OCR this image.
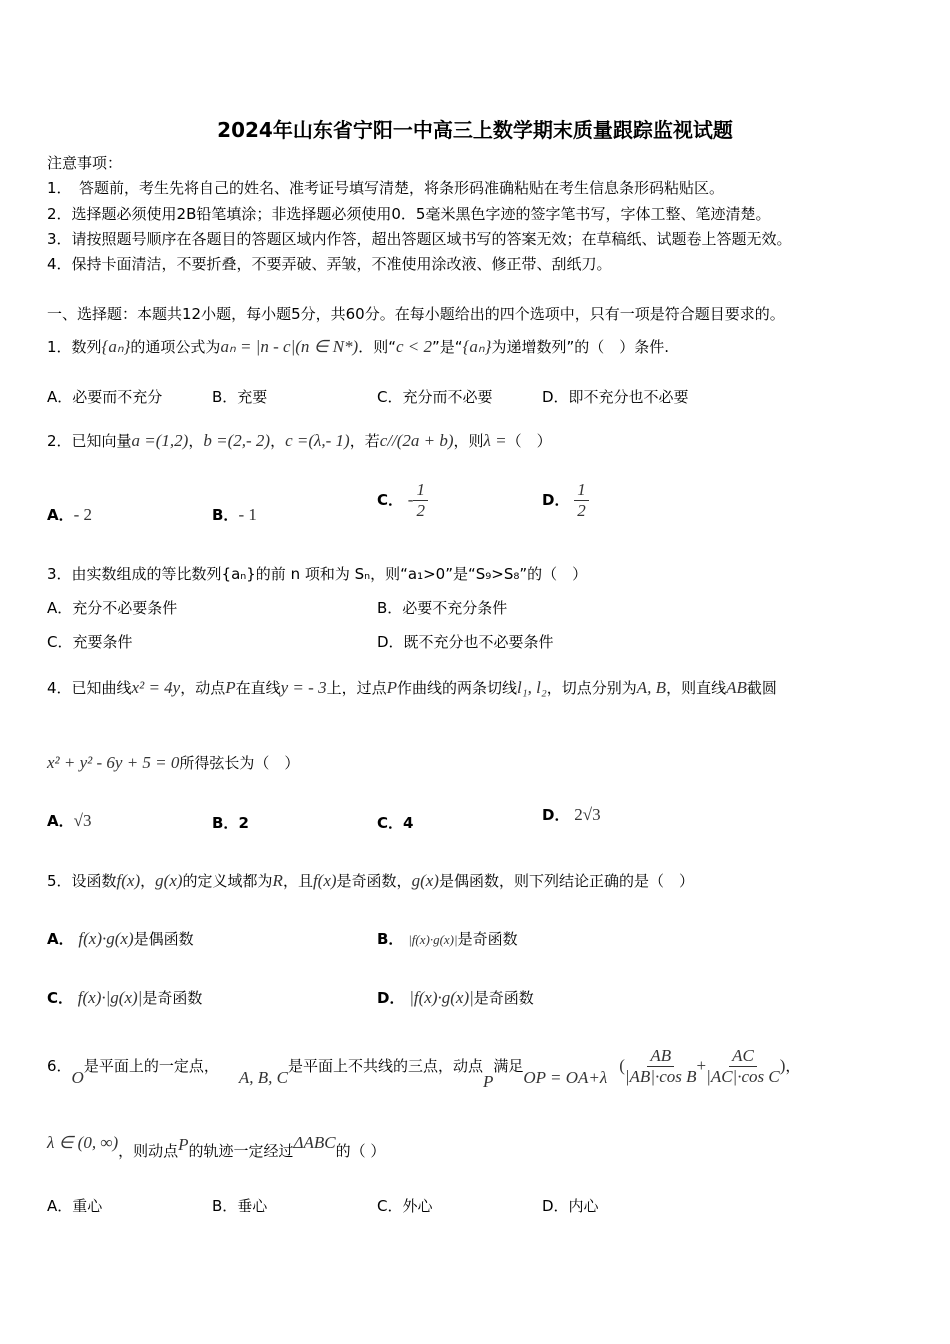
2024年山东省宁阳一中高三上数学期末质量跟踪监视试题
注意事项：
1．　答题前，考生先将自己的姓名、准考证号填写清楚，将条形码准确粘贴在考生信息条形码粘贴区。
2．选择题必须使用2B铅笔填涂；非选择题必须使用0．5毫米黑色字迹的签字笔书写，字体工整、笔迹清楚。
3．请按照题号顺序在各题目的答题区域内作答，超出答题区域书写的答案无效；在草稿纸、试题卷上答题无效。
4．保持卡面清洁，不要折叠，不要弄破、弄皱，不准使用涂改液、修正带、刮纸刀。
一、选择题：本题共12小题，每小题5分，共60分。在每小题给出的四个选项中，只有一项是符合题目要求的。
1．数列{aₙ}的通项公式为aₙ = |n - c|(n ∈ N*)．则“c < 2”是“{aₙ}为递增数列”的（　）条件.
A．必要而不充分	B．充要	C．充分而不必要	D．即不充分也不必要
2．已知向量a =(1,2)，b =(2,- 2)，c =(λ,- 1)，若c//(2a + b)，则λ =（　）
A．- 2	B．- 1
C． - $\frac{1}{2}$	D． $\frac{1}{2}$
3．由实数组成的等比数列{aₙ}的前 n 项和为 Sₙ，则“a₁>0”是“S₉>S₈”的（　）
A．充分不必要条件	B．必要不充分条件
C．充要条件	D．既不充分也不必要条件
4．已知曲线x² = 4y，动点P在直线y = - 3上，过点P作曲线的两条切线l₁, l₂，切点分别为A, B，则直线AB截圆
x² + y² - 6y + 5 = 0所得弦长为（　）
A．√3	B．2	C．4	D． 2√3
5．设函数f(x)，g(x)的定义域都为R，且f(x)是奇函数，g(x)是偶函数，则下列结论正确的是（　）
A． f(x)·g(x)是偶函数	B． |f(x)·g(x)|是奇函数
C． f(x)·|g(x)|是奇函数	D． |f(x)·g(x)|是奇函数
6．O是平面上的一定点，A, B, C是平面上不共线的三点，动点P满足OP = $OA+\lambda( \frac{AB}{\text{|AB|·cos B}} + \frac{AC}{\text{|AC|·cos C}}$ )，
λ ∈ (0, ∞)，则动点P的轨迹一定经过ΔABC的（ ）
A．重心	B．垂心	C．外心	D．内心
